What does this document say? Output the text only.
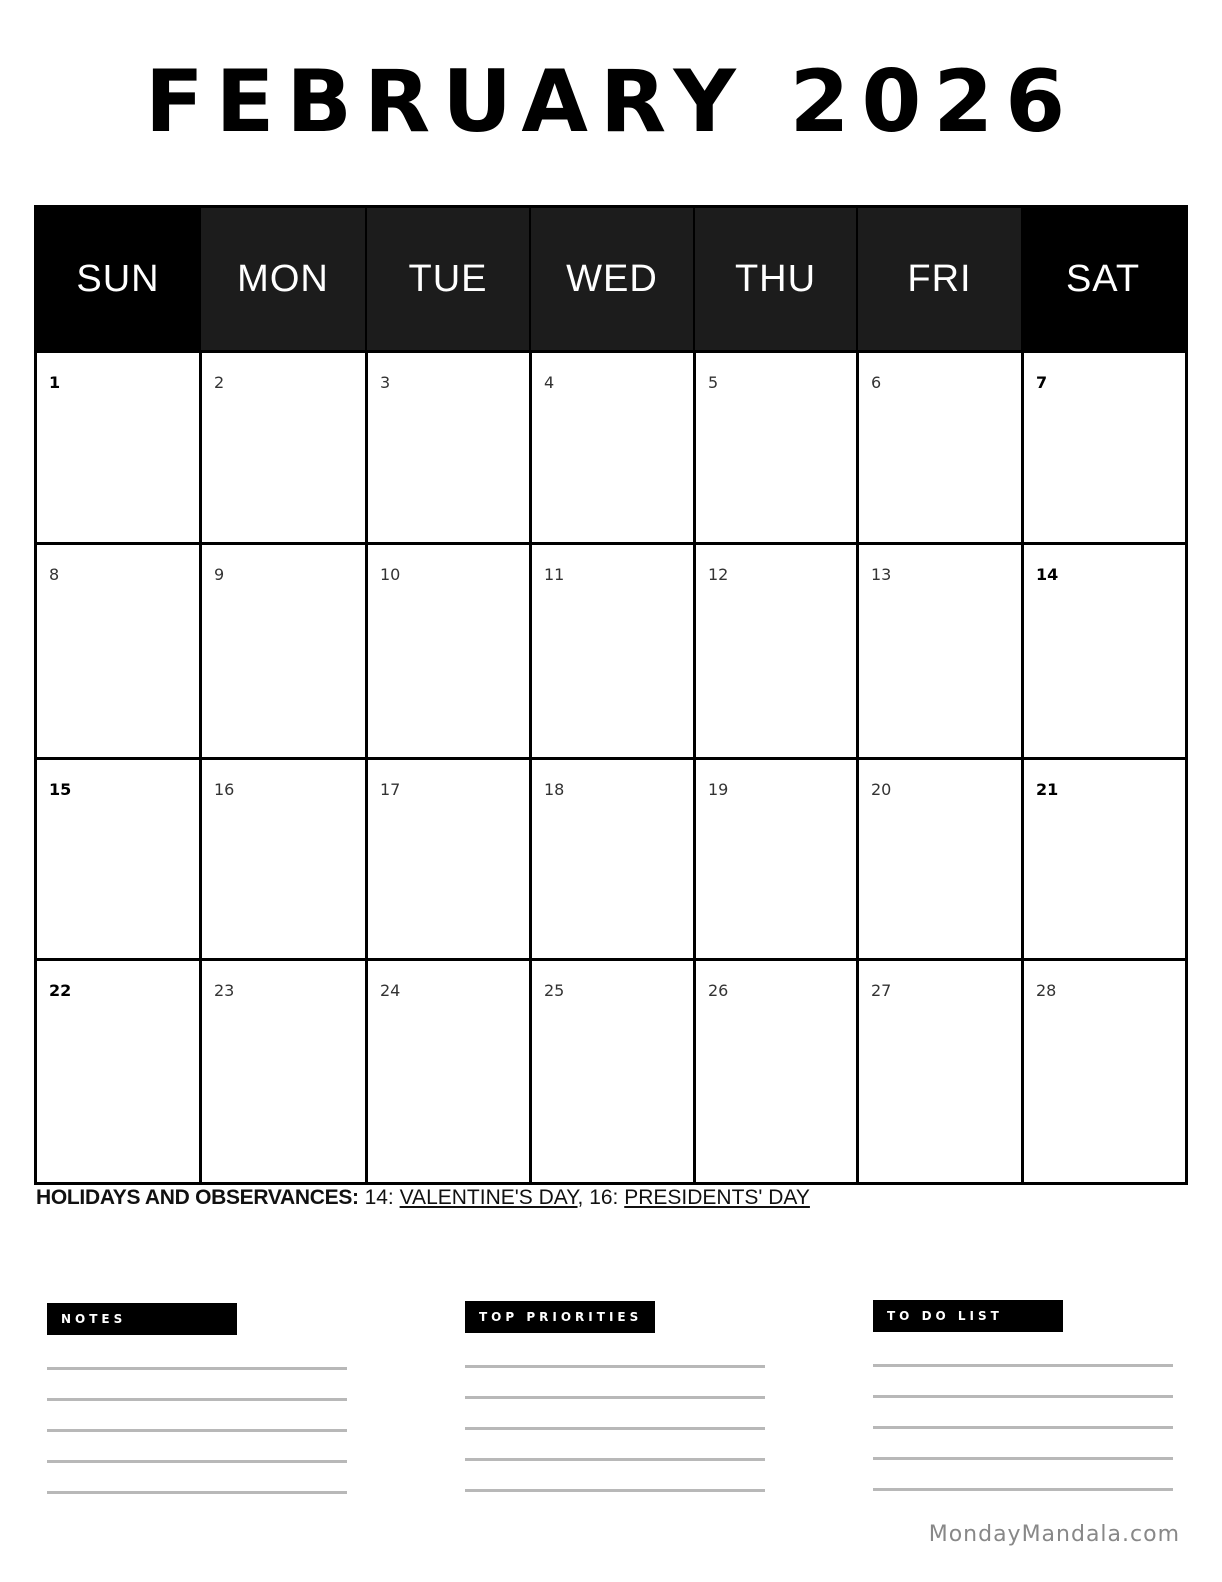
FEBRUARY 2026
SUN	MON	TUE	WED	THU	FRI	SAT
1	2	3	4	5	6	7
8	9	10	11	12	13	14
15	16	17	18	19	20	21
22	23	24	25	26	27	28
HOLIDAYS AND OBSERVANCES: 14: VALENTINE'S DAY, 16: PRESIDENTS' DAY
NOTES	TOP PRIORITIES	TO DO LIST
MondayMandala.com
